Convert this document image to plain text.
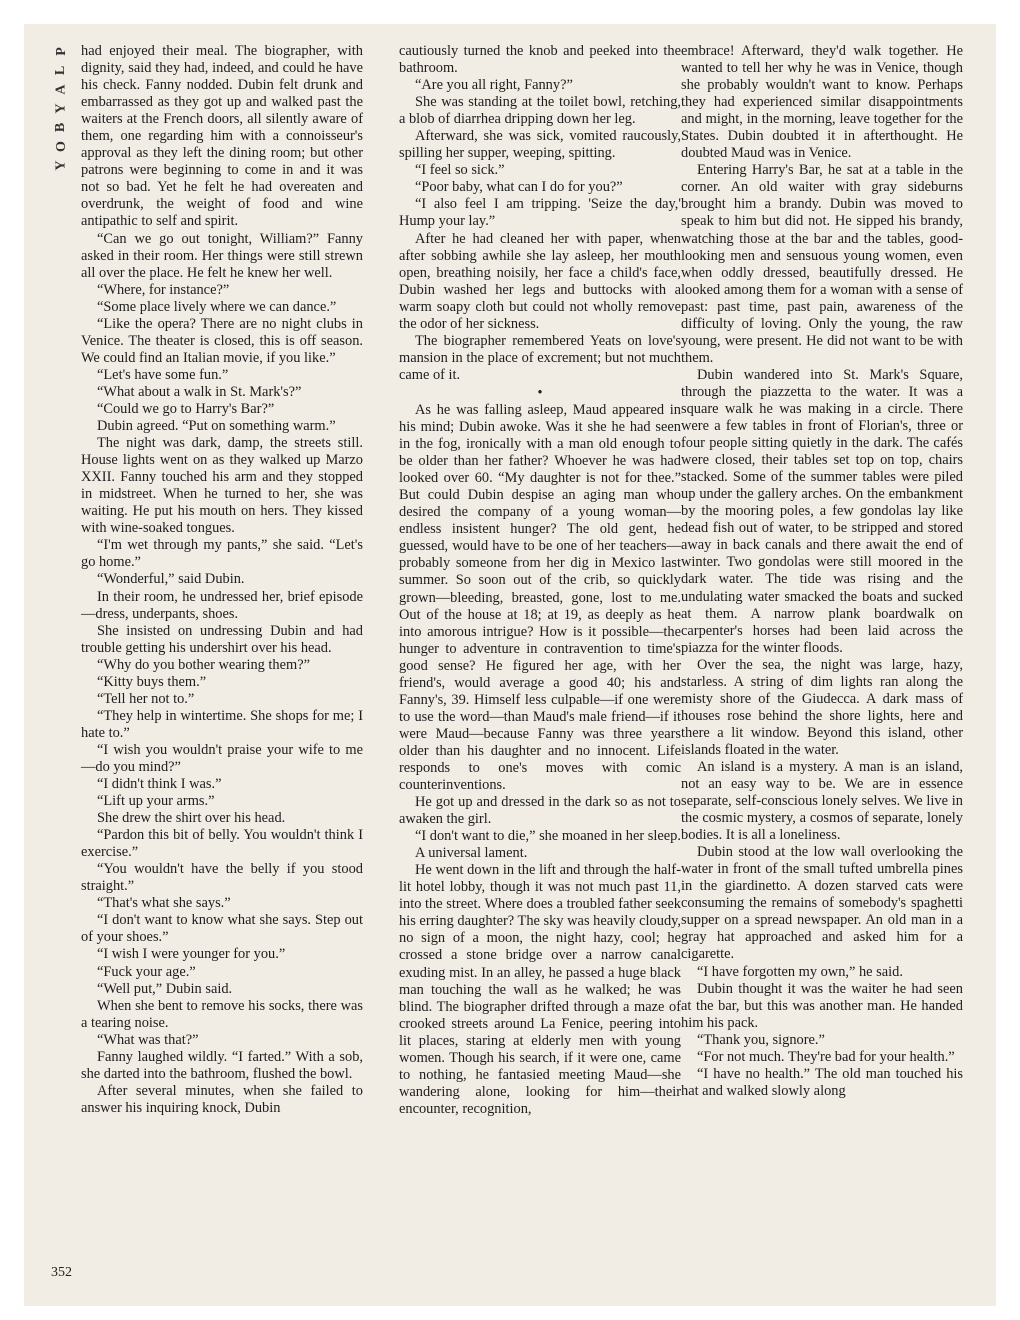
P
L
A
Y
B
O
Y

had enjoyed their meal. The biographer, with dignity, said they had, indeed, and could he have his check. Fanny nodded. Dubin felt drunk and embarrassed as they got up and walked past the waiters at the French doors, all silently aware of them, one regarding him with a connoisseur's approval as they left the dining room; but other patrons were beginning to come in and it was not so bad. Yet he felt he had overeaten and overdrunk, the weight of food and wine antipathic to self and spirit.

“Can we go out tonight, William?” Fanny asked in their room. Her things were still strewn all over the place. He felt he knew her well.

“Where, for instance?”

“Some place lively where we can dance.”

“Like the opera? There are no night clubs in Venice. The theater is closed, this is off season. We could find an Italian movie, if you like.”

“Let's have some fun.”

“What about a walk in St. Mark's?”

“Could we go to Harry's Bar?”

Dubin agreed. “Put on something warm.”

The night was dark, damp, the streets still. House lights went on as they walked up Marzo XXII. Fanny touched his arm and they stopped in midstreet. When he turned to her, she was waiting. He put his mouth on hers. They kissed with wine-soaked tongues.

“I'm wet through my pants,” she said. “Let's go home.”

“Wonderful,” said Dubin.

In their room, he undressed her, brief episode—dress, underpants, shoes.

She insisted on undressing Dubin and had trouble getting his undershirt over his head.

“Why do you bother wearing them?”

“Kitty buys them.”

“Tell her not to.”

“They help in wintertime. She shops for me; I hate to.”

“I wish you wouldn't praise your wife to me—do you mind?”

“I didn't think I was.”

“Lift up your arms.”

She drew the shirt over his head.

“Pardon this bit of belly. You wouldn't think I exercise.”

“You wouldn't have the belly if you stood straight.”

“That's what she says.”

“I don't want to know what she says. Step out of your shoes.”

“I wish I were younger for you.”

“Fuck your age.”

“Well put,” Dubin said.

When she bent to remove his socks, there was a tearing noise.

“What was that?”

Fanny laughed wildly. “I farted.” With a sob, she darted into the bathroom, flushed the bowl.

After several minutes, when she failed to answer his inquiring knock, Dubin

cautiously turned the knob and peeked into the bathroom.

“Are you all right, Fanny?”

She was standing at the toilet bowl, retching, a blob of diarrhea dripping down her leg.

Afterward, she was sick, vomited raucously, spilling her supper, weeping, spitting.

“I feel so sick.”

“Poor baby, what can I do for you?”

“I also feel I am tripping. 'Seize the day,' Hump your lay.”

After he had cleaned her with paper, when after sobbing awhile she lay asleep, her mouth open, breathing noisily, her face a child's face, Dubin washed her legs and buttocks with a warm soapy cloth but could not wholly remove the odor of her sickness.

The biographer remembered Yeats on love's mansion in the place of excrement; but not much came of it.

•

As he was falling asleep, Maud appeared in his mind; Dubin awoke. Was it she he had seen in the fog, ironically with a man old enough to be older than her father? Whoever he was had looked over 60. “My daughter is not for thee.” But could Dubin despise an aging man who desired the company of a young woman—endless insistent hunger? The old gent, he guessed, would have to be one of her teachers—probably someone from her dig in Mexico last summer. So soon out of the crib, so quickly grown—bleeding, breasted, gone, lost to me. Out of the house at 18; at 19, as deeply as he into amorous intrigue? How is it possible—the hunger to adventure in contravention to time's good sense? He figured her age, with her friend's, would average a good 40; his and Fanny's, 39. Himself less culpable—if one were to use the word—than Maud's male friend—if it were Maud—because Fanny was three years older than his daughter and no innocent. Life responds to one's moves with comic counterinventions.

He got up and dressed in the dark so as not to awaken the girl.

“I don't want to die,” she moaned in her sleep.

A universal lament.

He went down in the lift and through the half-lit hotel lobby, though it was not much past 11, into the street. Where does a troubled father seek his erring daughter? The sky was heavily cloudy, no sign of a moon, the night hazy, cool; he crossed a stone bridge over a narrow canal exuding mist. In an alley, he passed a huge black man touching the wall as he walked; he was blind. The biographer drifted through a maze of crooked streets around La Fenice, peering into lit places, staring at elderly men with young women. Though his search, if it were one, came to nothing, he fantasied meeting Maud—she wandering alone, looking for him—their encounter, recognition,

embrace! Afterward, they'd walk together. He wanted to tell her why he was in Venice, though she probably wouldn't want to know. Perhaps they had experienced similar disappointments and might, in the morning, leave together for the States. Dubin doubted it in afterthought. He doubted Maud was in Venice.

Entering Harry's Bar, he sat at a table in the corner. An old waiter with gray sideburns brought him a brandy. Dubin was moved to speak to him but did not. He sipped his brandy, watching those at the bar and the tables, good-looking men and sensuous young women, even when oddly dressed, beautifully dressed. He looked among them for a woman with a sense of past: past time, past pain, awareness of the difficulty of loving. Only the young, the raw young, were present. He did not want to be with them.

Dubin wandered into St. Mark's Square, through the piazzetta to the water. It was a square walk he was making in a circle. There were a few tables in front of Florian's, three or four people sitting quietly in the dark. The cafés were closed, their tables set top on top, chairs stacked. Some of the summer tables were piled up under the gallery arches. On the embankment by the mooring poles, a few gondolas lay like dead fish out of water, to be stripped and stored away in back canals and there await the end of winter. Two gondolas were still moored in the dark water. The tide was rising and the undulating water smacked the boats and sucked at them. A narrow plank boardwalk on carpenter's horses had been laid across the piazza for the winter floods.

Over the sea, the night was large, hazy, starless. A string of dim lights ran along the misty shore of the Giudecca. A dark mass of houses rose behind the shore lights, here and there a lit window. Beyond this island, other islands floated in the water.

An island is a mystery. A man is an island, not an easy way to be. We are in essence separate, self-conscious lonely selves. We live in the cosmic mystery, a cosmos of separate, lonely bodies. It is all a loneliness.

Dubin stood at the low wall overlooking the water in front of the small tufted umbrella pines in the giardinetto. A dozen starved cats were consuming the remains of somebody's spaghetti supper on a spread newspaper. An old man in a gray hat approached and asked him for a cigarette.

“I have forgotten my own,” he said.

Dubin thought it was the waiter he had seen at the bar, but this was another man. He handed him his pack.

“Thank you, signore.”

“For not much. They're bad for your health.”

“I have no health.” The old man touched his hat and walked slowly along

352
